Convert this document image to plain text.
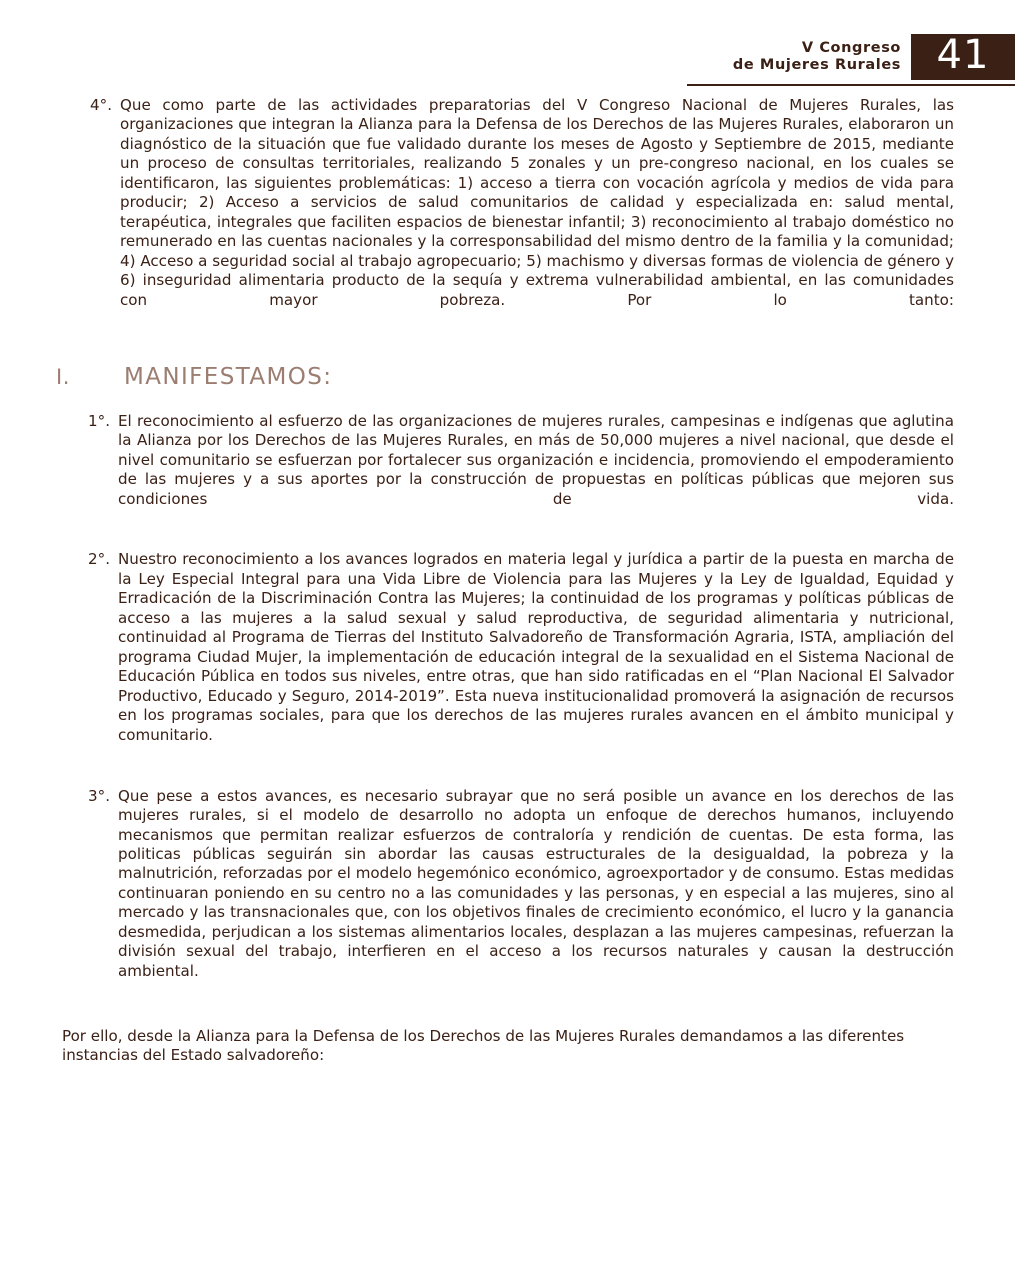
V Congreso
de Mujeres Rurales 41
4°. Que como parte de las actividades preparatorias del V Congreso Nacional de Mujeres Rurales, las organizaciones que integran la Alianza para la Defensa de los Derechos de las Mujeres Rurales, elaboraron un diagnóstico de la situación que fue validado durante los meses de Agosto y Septiembre de 2015, mediante un proceso de consultas territoriales, realizando 5 zonales y un pre-congreso nacional, en los cuales se identificaron, las siguientes problemáticas: 1) acceso a tierra con vocación agrícola y medios de vida para producir; 2) Acceso a servicios de salud comunitarios de calidad y especializada en: salud mental, terapéutica, integrales que faciliten espacios de bienestar infantil; 3) reconocimiento al trabajo doméstico no remunerado en las cuentas nacionales y la corresponsabilidad del mismo dentro de la familia y la comunidad; 4) Acceso a seguridad social al trabajo agropecuario; 5) machismo y diversas formas de violencia de género y 6) inseguridad alimentaria producto de la sequía y extrema vulnerabilidad ambiental, en las comunidades con mayor pobreza. Por lo tanto:
I.	MANIFESTAMOS:
1°. El reconocimiento al esfuerzo de las organizaciones de mujeres rurales, campesinas e indígenas que aglutina la Alianza por los Derechos de las Mujeres Rurales, en más de 50,000 mujeres a nivel nacional, que desde el nivel comunitario se esfuerzan por fortalecer sus organización e incidencia, promoviendo el empoderamiento de las mujeres y a sus aportes por la construcción de propuestas en políticas públicas que mejoren sus condiciones de vida.
2°. Nuestro reconocimiento a los avances logrados en materia legal y jurídica a partir de la puesta en marcha de la Ley Especial Integral para una Vida Libre de Violencia para las Mujeres y la Ley de Igualdad, Equidad y Erradicación de la Discriminación Contra las Mujeres; la continuidad de los programas y políticas públicas de acceso a las mujeres a la salud sexual y salud reproductiva, de seguridad alimentaria y nutricional, continuidad al Programa de Tierras del Instituto Salvadoreño de Transformación Agraria, ISTA, ampliación del programa Ciudad Mujer, la implementación de educación integral de la sexualidad en el Sistema Nacional de Educación Pública en todos sus niveles, entre otras, que han sido ratificadas en el “Plan Nacional El Salvador Productivo, Educado y Seguro, 2014-2019”. Esta nueva institucionalidad promoverá la asignación de recursos en los programas sociales, para que los derechos de las mujeres rurales avancen en el ámbito municipal y comunitario.
3°. Que pese a estos avances, es necesario subrayar que no será posible un avance en los derechos de las mujeres rurales, si el modelo de desarrollo no adopta un enfoque de derechos humanos, incluyendo mecanismos que permitan realizar esfuerzos de contraloría y rendición de cuentas. De esta forma, las politicas públicas seguirán sin abordar las causas estructurales de la desigualdad, la pobreza y la malnutrición, reforzadas por el modelo hegemónico económico, agroexportador y de consumo. Estas medidas continuaran poniendo en su centro no a las comunidades y las personas, y en especial a las mujeres, sino al mercado y las transnacionales que, con los objetivos finales de crecimiento económico, el lucro y la ganancia desmedida, perjudican a los sistemas alimentarios locales, desplazan a las mujeres campesinas, refuerzan la división sexual del trabajo, interfieren en el acceso a los recursos naturales y causan la destrucción ambiental.

Por ello, desde la Alianza para la Defensa de los Derechos de las Mujeres Rurales demandamos a las diferentes instancias del Estado salvadoreño:
